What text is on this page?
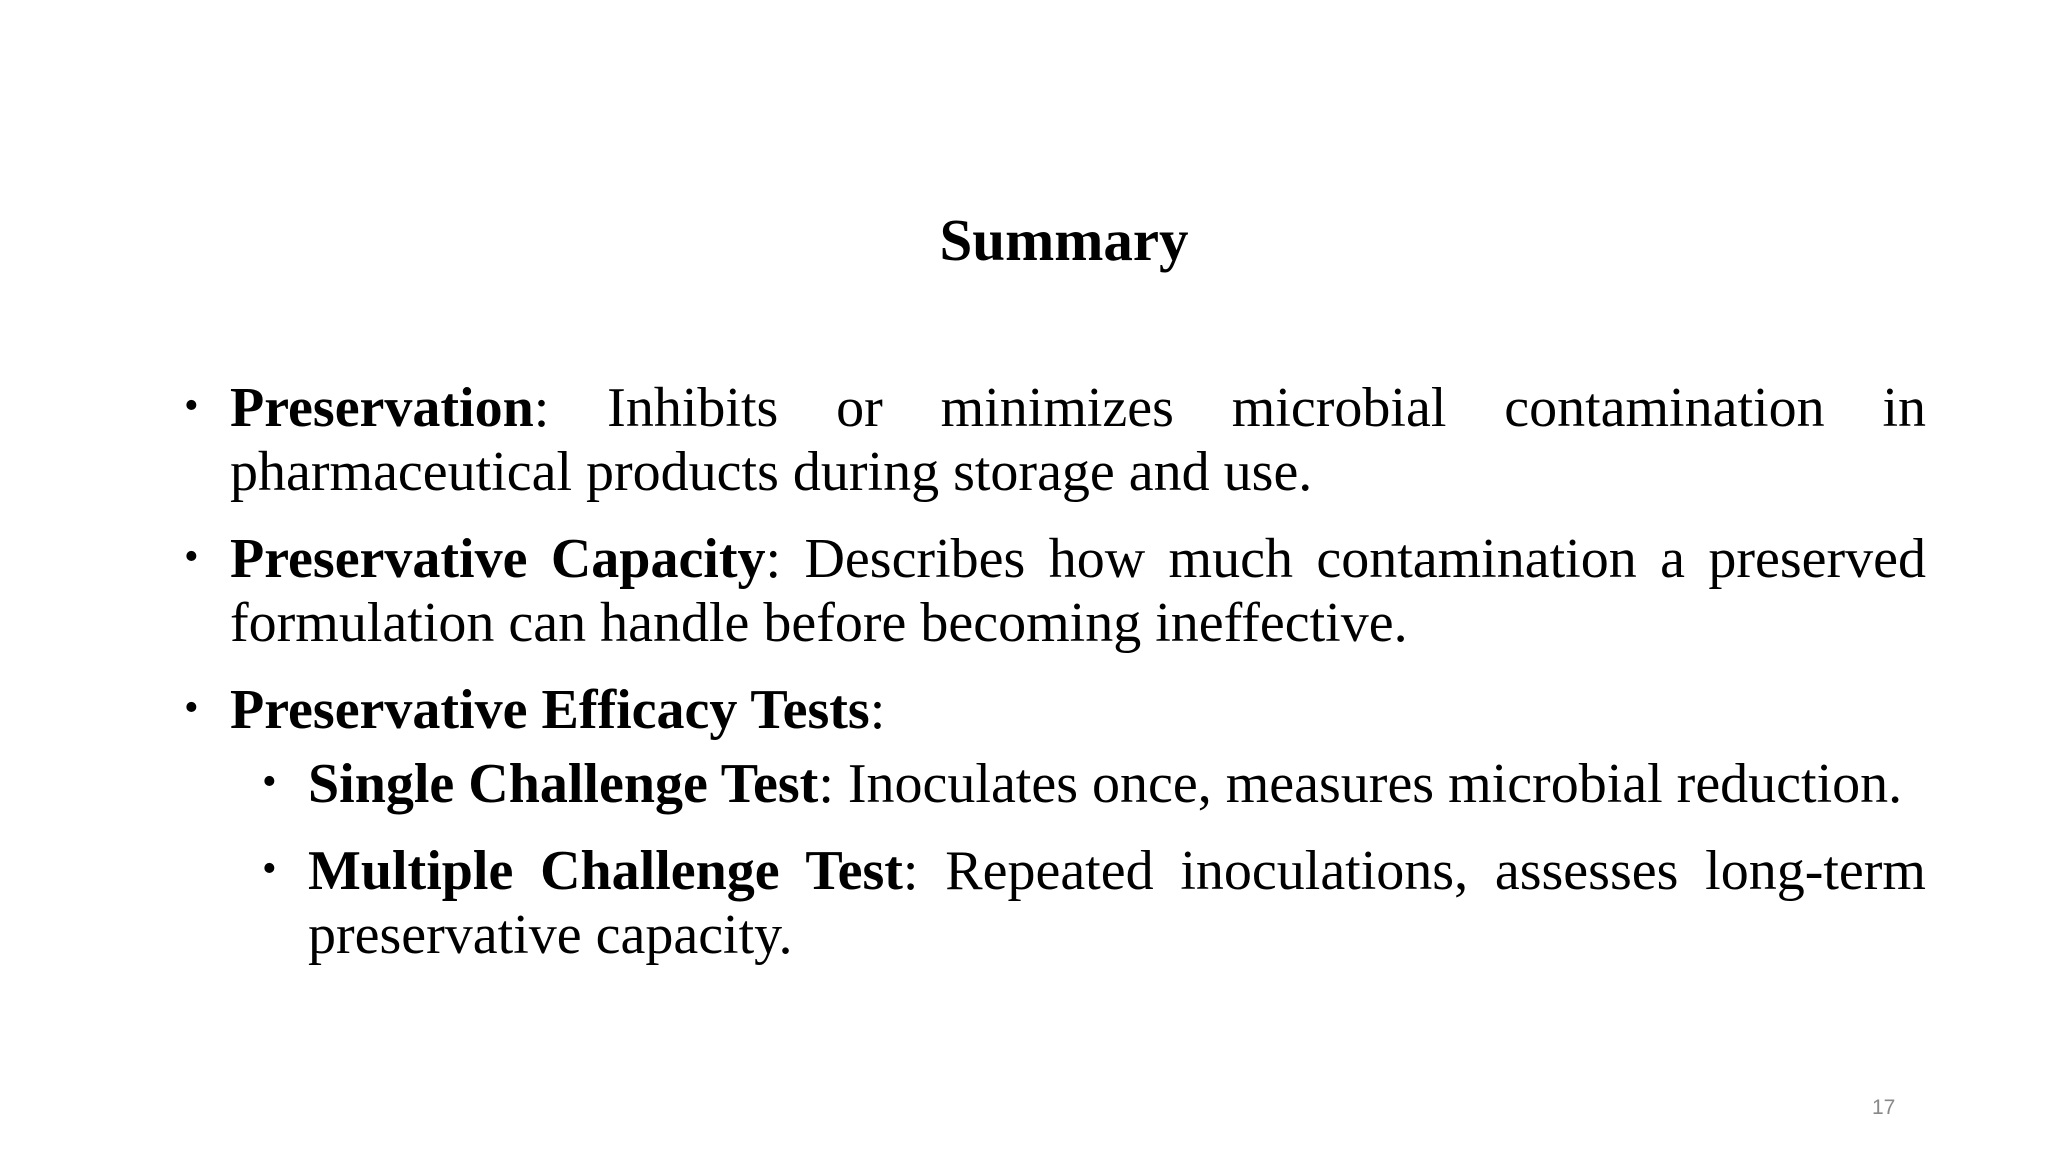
Summary
• Preservation: Inhibits or minimizes microbial contamination in pharmaceutical products during storage and use.
• Preservative Capacity: Describes how much contamination a preserved formulation can handle before becoming ineffective.
• Preservative Efficacy Tests:
• Single Challenge Test: Inoculates once, measures microbial reduction.
• Multiple Challenge Test: Repeated inoculations, assesses long-term preservative capacity.
17
